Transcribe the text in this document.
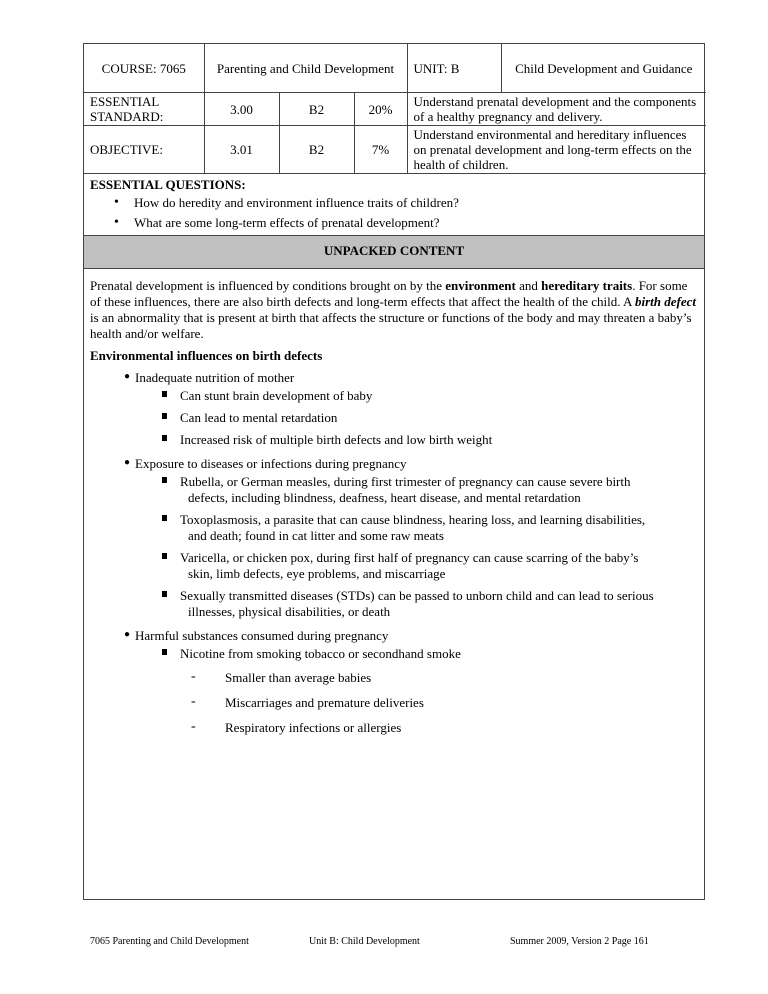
COURSE: 7065	Parenting and Child Development			UNIT: B	Child Development and Guidance
ESSENTIAL STANDARD:	3.00	B2	20%	Understand prenatal development and the components of a healthy pregnancy and delivery.	
OBJECTIVE:	3.01	B2	7%	Understand environmental and hereditary influences on prenatal development and long-term effects on the health of children.	
ESSENTIAL QUESTIONS:
• How do heredity and environment influence traits of children?
• What are some long-term effects of prenatal development?
UNPACKED CONTENT

Prenatal development is influenced by conditions brought on by the environment and hereditary traits. For some of these influences, there are also birth defects and long-term effects that affect the health of the child. A birth defect is an abnormality that is present at birth that affects the structure or functions of the body and may threaten a baby’s health and/or welfare.

Environmental influences on birth defects
● Inadequate nutrition of mother
Can stunt brain development of baby
Can lead to mental retardation
Increased risk of multiple birth defects and low birth weight
● Exposure to diseases or infections during pregnancy
Rubella, or German measles, during first trimester of pregnancy can cause severe birth
defects, including blindness, deafness, heart disease, and mental retardation
Toxoplasmosis, a parasite that can cause blindness, hearing loss, and learning disabilities,
and death; found in cat litter and some raw meats
Varicella, or chicken pox, during first half of pregnancy can cause scarring of the baby’s
skin, limb defects, eye problems, and miscarriage
Sexually transmitted diseases (STDs) can be passed to unborn child and can lead to serious
illnesses, physical disabilities, or death
● Harmful substances consumed during pregnancy
Nicotine from smoking tobacco or secondhand smoke
- Smaller than average babies
- Miscarriages and premature deliveries
- Respiratory infections or allergies
7065 Parenting and Child Development	Unit B: Child Development	Summer 2009, Version 2 Page 161
